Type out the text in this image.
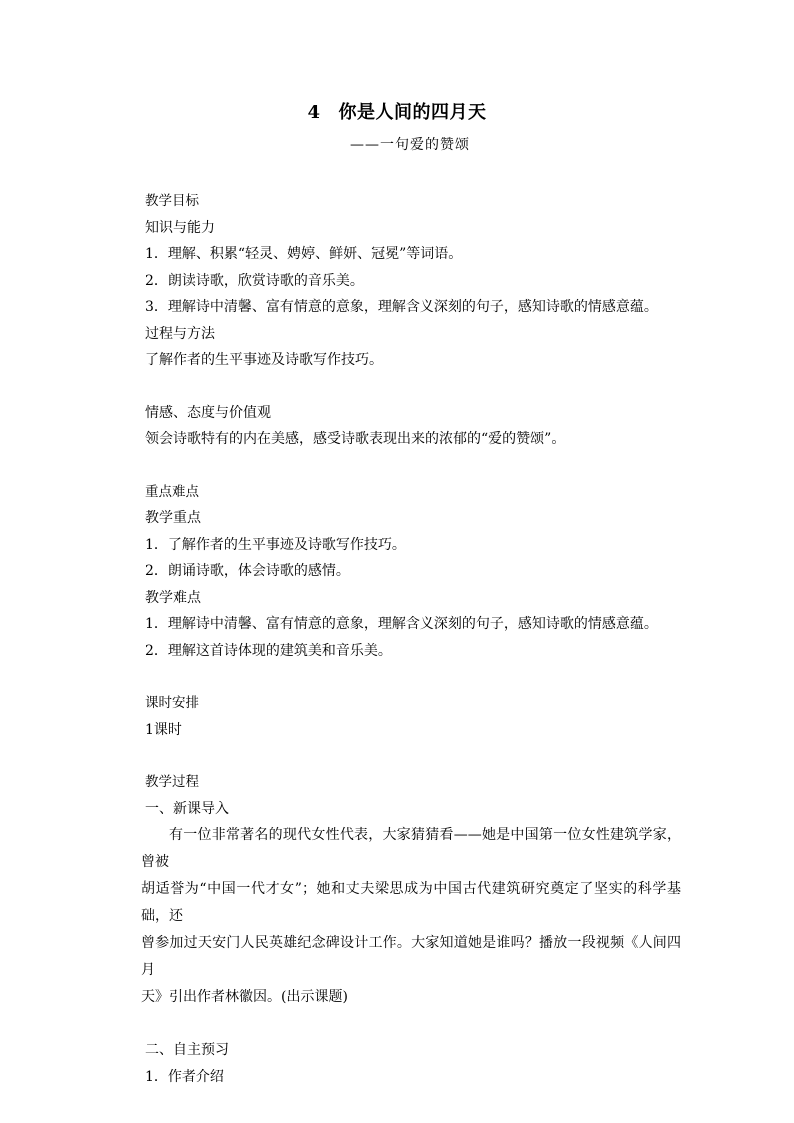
4 你是人间的四月天
——一句爱的赞颂
教学目标
知识与能力
1．理解、积累“轻灵、娉婷、鲜妍、冠冕”等词语。
2．朗读诗歌，欣赏诗歌的音乐美。
3．理解诗中清馨、富有情意的意象，理解含义深刻的句子，感知诗歌的情感意蕴。
过程与方法
了解作者的生平事迹及诗歌写作技巧。
情感、态度与价值观
领会诗歌特有的内在美感，感受诗歌表现出来的浓郁的“爱的赞颂”。
重点难点
教学重点
1．了解作者的生平事迹及诗歌写作技巧。
2．朗诵诗歌，体会诗歌的感情。
教学难点
1．理解诗中清馨、富有情意的意象，理解含义深刻的句子，感知诗歌的情感意蕴。
2．理解这首诗体现的建筑美和音乐美。
课时安排
1课时
教学过程
一、新课导入
有一位非常著名的现代女性代表，大家猜猜看——她是中国第一位女性建筑学家，曾被
胡适誉为“中国一代才女”；她和丈夫梁思成为中国古代建筑研究奠定了坚实的科学基础，还
曾参加过天安门人民英雄纪念碑设计工作。大家知道她是谁吗？播放一段视频《人间四月
天》引出作者林徽因。(出示课题)
二、自主预习
1．作者介绍
